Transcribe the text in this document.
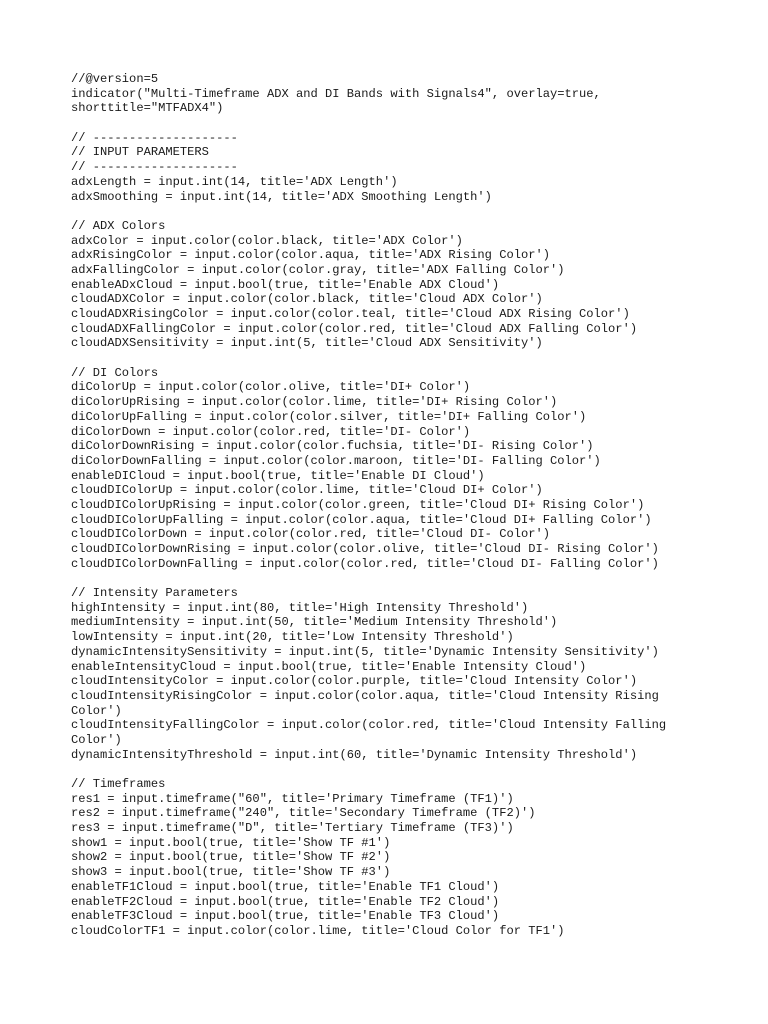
//@version=5
indicator("Multi-Timeframe ADX and DI Bands with Signals4", overlay=true,
shorttitle="MTFADX4")
// --------------------
// INPUT PARAMETERS
// --------------------
adxLength = input.int(14, title='ADX Length')
adxSmoothing = input.int(14, title='ADX Smoothing Length')
// ADX Colors
adxColor = input.color(color.black, title='ADX Color')
adxRisingColor = input.color(color.aqua, title='ADX Rising Color')
adxFallingColor = input.color(color.gray, title='ADX Falling Color')
enableADxCloud = input.bool(true, title='Enable ADX Cloud')
cloudADXColor = input.color(color.black, title='Cloud ADX Color')
cloudADXRisingColor = input.color(color.teal, title='Cloud ADX Rising Color')
cloudADXFallingColor = input.color(color.red, title='Cloud ADX Falling Color')
cloudADXSensitivity = input.int(5, title='Cloud ADX Sensitivity')
// DI Colors
diColorUp = input.color(color.olive, title='DI+ Color')
diColorUpRising = input.color(color.lime, title='DI+ Rising Color')
diColorUpFalling = input.color(color.silver, title='DI+ Falling Color')
diColorDown = input.color(color.red, title='DI- Color')
diColorDownRising = input.color(color.fuchsia, title='DI- Rising Color')
diColorDownFalling = input.color(color.maroon, title='DI- Falling Color')
enableDICloud = input.bool(true, title='Enable DI Cloud')
cloudDIColorUp = input.color(color.lime, title='Cloud DI+ Color')
cloudDIColorUpRising = input.color(color.green, title='Cloud DI+ Rising Color')
cloudDIColorUpFalling = input.color(color.aqua, title='Cloud DI+ Falling Color')
cloudDIColorDown = input.color(color.red, title='Cloud DI- Color')
cloudDIColorDownRising = input.color(color.olive, title='Cloud DI- Rising Color')
cloudDIColorDownFalling = input.color(color.red, title='Cloud DI- Falling Color')
// Intensity Parameters
highIntensity = input.int(80, title='High Intensity Threshold')
mediumIntensity = input.int(50, title='Medium Intensity Threshold')
lowIntensity = input.int(20, title='Low Intensity Threshold')
dynamicIntensitySensitivity = input.int(5, title='Dynamic Intensity Sensitivity')
enableIntensityCloud = input.bool(true, title='Enable Intensity Cloud')
cloudIntensityColor = input.color(color.purple, title='Cloud Intensity Color')
cloudIntensityRisingColor = input.color(color.aqua, title='Cloud Intensity Rising
Color')
cloudIntensityFallingColor = input.color(color.red, title='Cloud Intensity Falling
Color')
dynamicIntensityThreshold = input.int(60, title='Dynamic Intensity Threshold')
// Timeframes
res1 = input.timeframe("60", title='Primary Timeframe (TF1)')
res2 = input.timeframe("240", title='Secondary Timeframe (TF2)')
res3 = input.timeframe("D", title='Tertiary Timeframe (TF3)')
show1 = input.bool(true, title='Show TF #1')
show2 = input.bool(true, title='Show TF #2')
show3 = input.bool(true, title='Show TF #3')
enableTF1Cloud = input.bool(true, title='Enable TF1 Cloud')
enableTF2Cloud = input.bool(true, title='Enable TF2 Cloud')
enableTF3Cloud = input.bool(true, title='Enable TF3 Cloud')
cloudColorTF1 = input.color(color.lime, title='Cloud Color for TF1')
